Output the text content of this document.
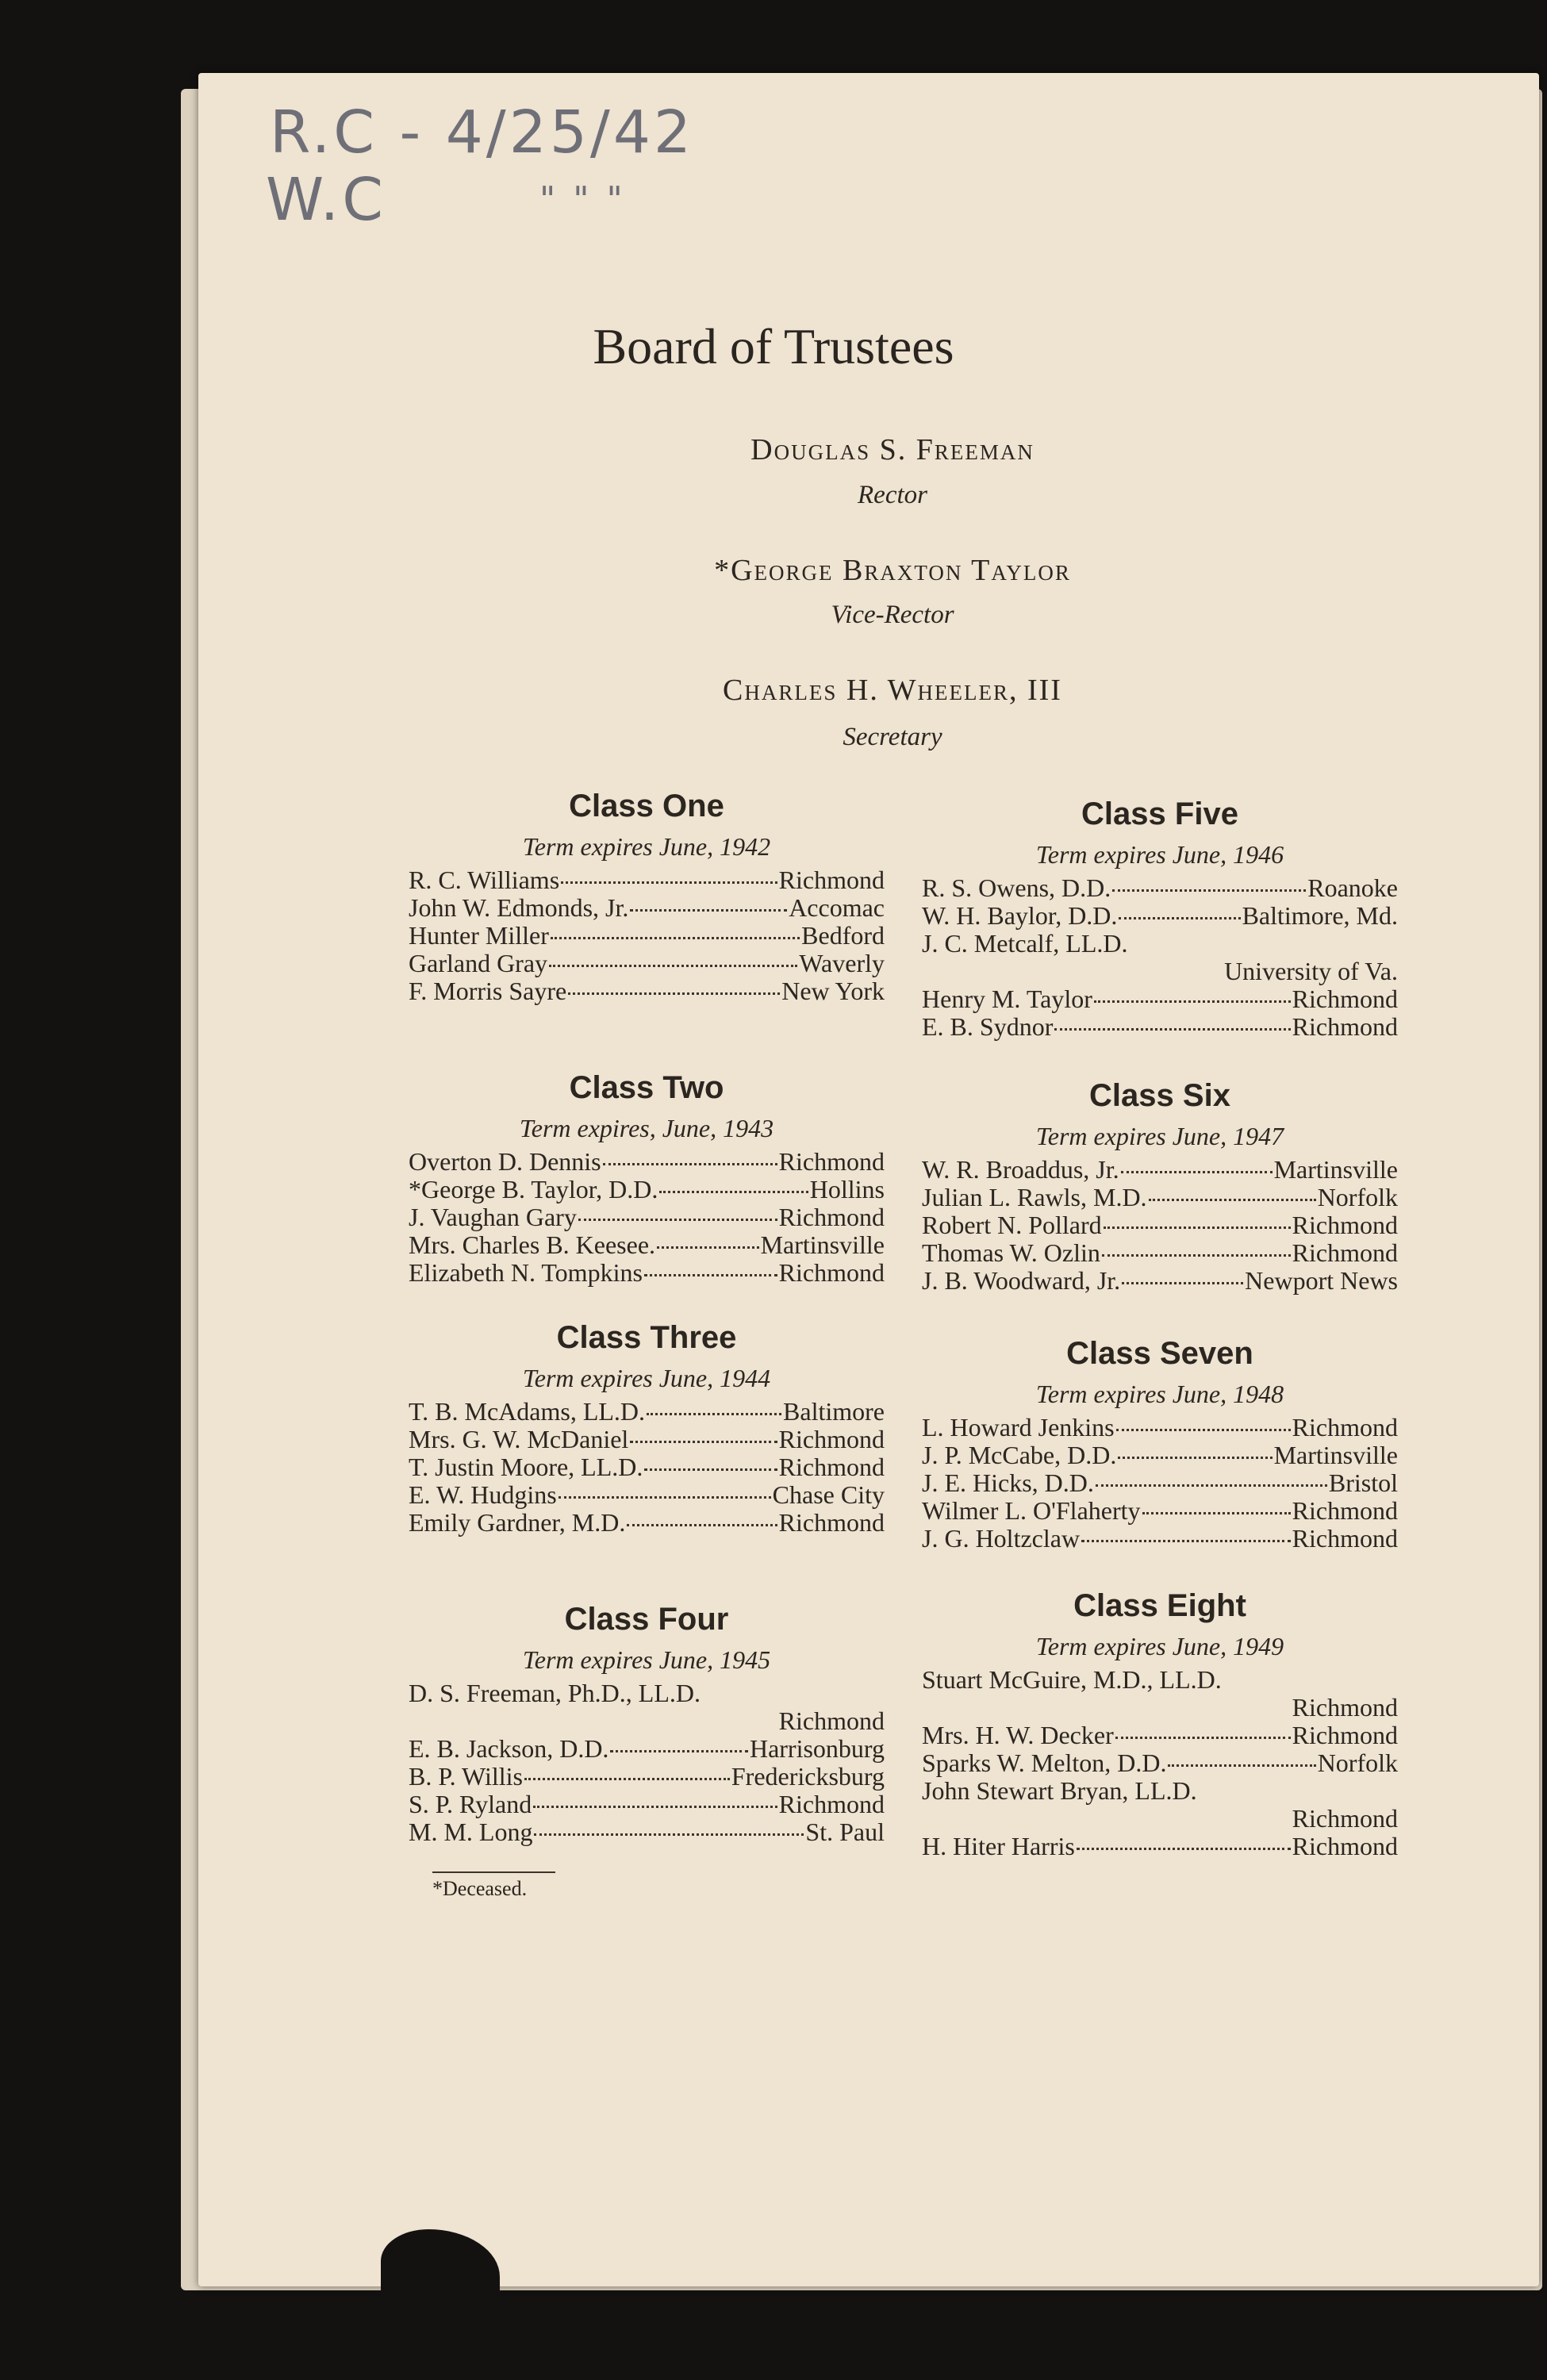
R.C - 4/25/42
W.C	" " "
Board of Trustees
Douglas S. Freeman
Rector
*George Braxton Taylor
Vice-Rector
Charles H. Wheeler, III
Secretary
Class One
Term expires June, 1942
R. C. Williams	Richmond
John W. Edmonds, Jr.	Accomac
Hunter Miller	Bedford
Garland Gray	Waverly
F. Morris Sayre	New York
Class Two
Term expires, June, 1943
Overton D. Dennis	Richmond
*George B. Taylor, D.D.	Hollins
J. Vaughan Gary	Richmond
Mrs. Charles B. Keesee.	Martinsville
Elizabeth N. Tompkins	Richmond
Class Three
Term expires June, 1944
T. B. McAdams, LL.D.	Baltimore
Mrs. G. W. McDaniel	Richmond
T. Justin Moore, LL.D.	Richmond
E. W. Hudgins	Chase City
Emily Gardner, M.D.	Richmond
Class Four
Term expires June, 1945
D. S. Freeman, Ph.D., LL.D.
Richmond
E. B. Jackson, D.D.	Harrisonburg
B. P. Willis	Fredericksburg
S. P. Ryland	Richmond
M. M. Long	St. Paul
Class Five
Term expires June, 1946
R. S. Owens, D.D.	Roanoke
W. H. Baylor, D.D.	Baltimore, Md.
J. C. Metcalf, LL.D.
University of Va.
Henry M. Taylor	Richmond
E. B. Sydnor	Richmond
Class Six
Term expires June, 1947
W. R. Broaddus, Jr.	Martinsville
Julian L. Rawls, M.D.	Norfolk
Robert N. Pollard	Richmond
Thomas W. Ozlin	Richmond
J. B. Woodward, Jr.	Newport News
Class Seven
Term expires June, 1948
L. Howard Jenkins	Richmond
J. P. McCabe, D.D.	Martinsville
J. E. Hicks, D.D.	Bristol
Wilmer L. O'Flaherty	Richmond
J. G. Holtzclaw	Richmond
Class Eight
Term expires June, 1949
Stuart McGuire, M.D., LL.D.
Richmond
Mrs. H. W. Decker	Richmond
Sparks W. Melton, D.D.	Norfolk
John Stewart Bryan, LL.D.
Richmond
H. Hiter Harris	Richmond
*Deceased.
